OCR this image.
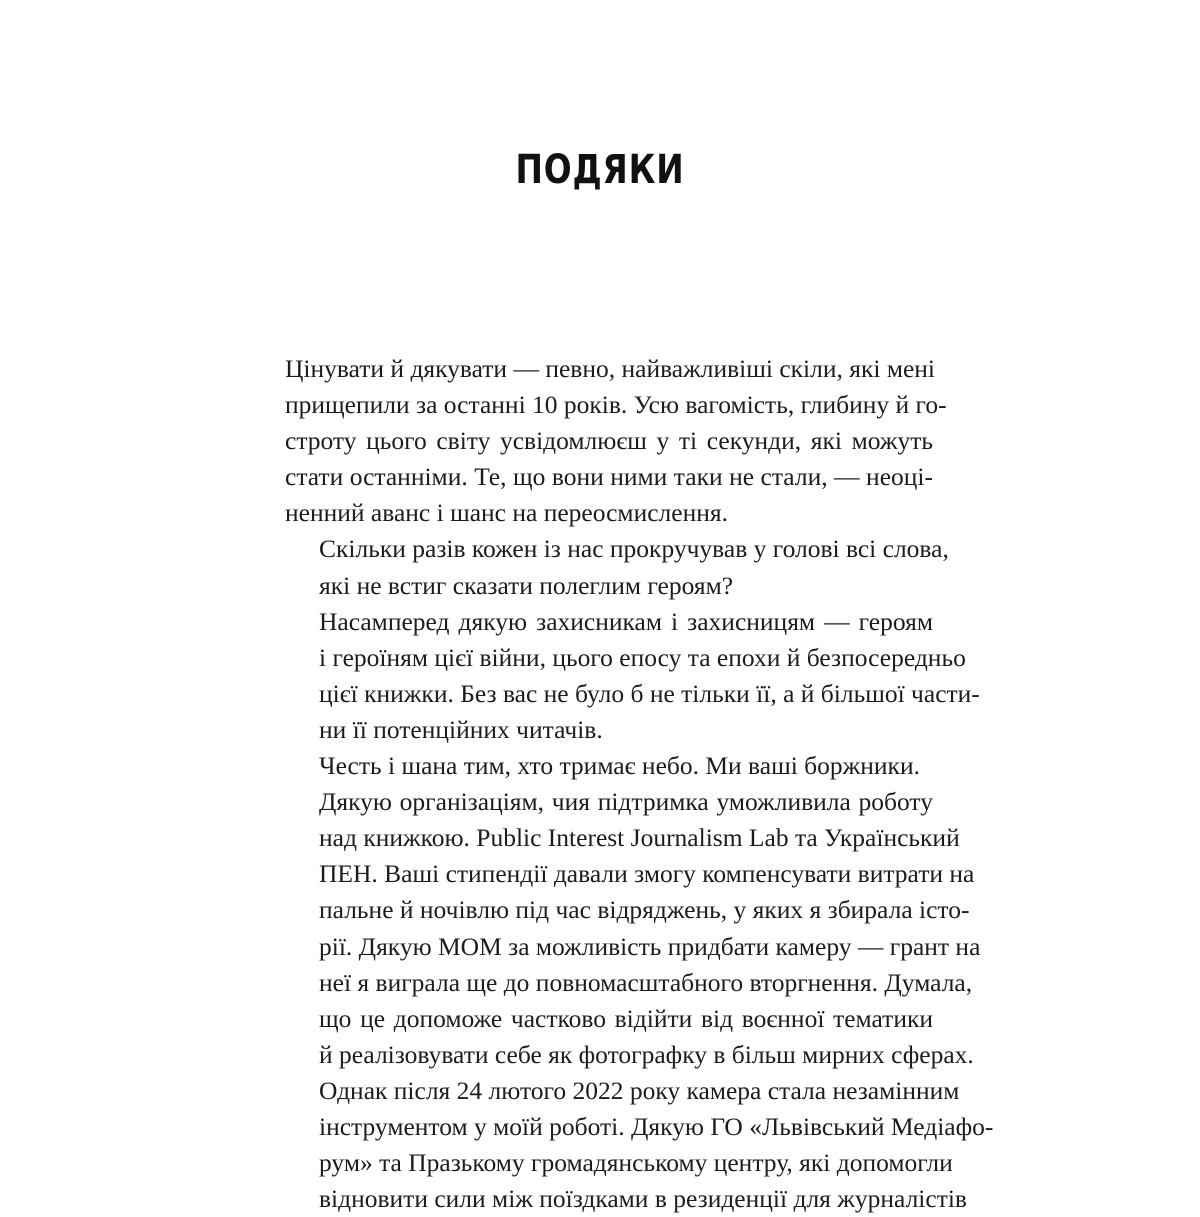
ПОДЯКИ

Цінувати й дякувати — певно, найважливіші скіли, які мені
прищепили за останні 10 років. Усю вагомість, глибину й го-
строту цього світу усвідомлюєш у ті секунди, які можуть
стати останніми. Те, що вони ними таки не стали, — неоці-
ненний аванс і шанс на переосмислення.

Скільки разів кожен із нас прокручував у голові всі слова,
які не встиг сказати полеглим героям?

Насамперед дякую захисникам і захисницям — героям
і героїням цієї війни, цього епосу та епохи й безпосередньо
цієї книжки. Без вас не було б не тільки її, а й більшої части-
ни її потенційних читачів.

Честь і шана тим, хто тримає небо. Ми ваші боржники.

Дякую організаціям, чия підтримка уможливила роботу
над книжкою. Public Interest Journalism Lab та Український
ПЕН. Ваші стипендії давали змогу компенсувати витрати на
пальне й ночівлю під час відряджень, у яких я збирала істо-
рії. Дякую МОМ за можливість придбати камеру — грант на
неї я виграла ще до повномасштабного вторгнення. Думала,
що це допоможе частково відійти від воєнної тематики
й реалізовувати себе як фотографку в більш мирних сферах.
Однак після 24 лютого 2022 року камера стала незамінним
інструментом у моїй роботі. Дякую ГО «Львівський Медіафо-
рум» та Празькому громадянському центру, які допомогли
відновити сили між поїздками в резиденції для журналістів
